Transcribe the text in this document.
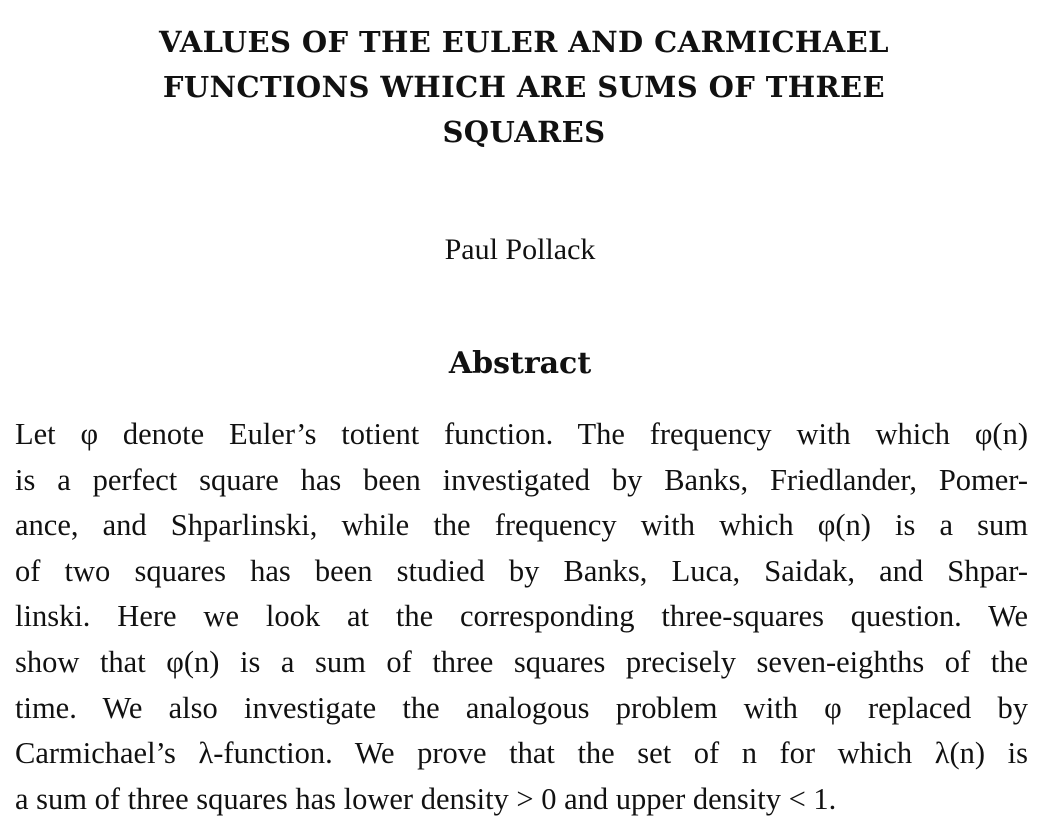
VALUES OF THE EULER AND CARMICHAEL
FUNCTIONS WHICH ARE SUMS OF THREE
SQUARES
Paul Pollack
Abstract
Let φ denote Euler’s totient function. The frequency with which φ(n)
is a perfect square has been investigated by Banks, Friedlander, Pomer-
ance, and Shparlinski, while the frequency with which φ(n) is a sum
of two squares has been studied by Banks, Luca, Saidak, and Shpar-
linski. Here we look at the corresponding three-squares question. We
show that φ(n) is a sum of three squares precisely seven-eighths of the
time. We also investigate the analogous problem with φ replaced by
Carmichael’s λ-function. We prove that the set of n for which λ(n) is
a sum of three squares has lower density > 0 and upper density < 1.
